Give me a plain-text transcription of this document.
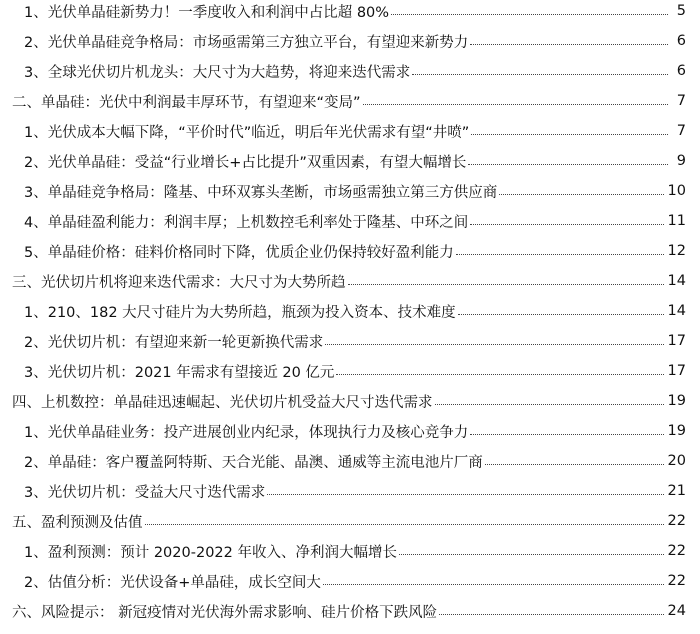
1、光伏单晶硅新势力！一季度收入和利润中占比超 80%	5
2、光伏单晶硅竞争格局：市场亟需第三方独立平台，有望迎来新势力	6
3、全球光伏切片机龙头：大尺寸为大趋势，将迎来迭代需求	6
二、单晶硅：光伏中利润最丰厚环节，有望迎来“变局”	7
1、光伏成本大幅下降，“平价时代”临近，明后年光伏需求有望“井喷”	7
2、光伏单晶硅：受益“行业增长+占比提升”双重因素，有望大幅增长	9
3、单晶硅竞争格局：隆基、中环双寡头垄断，市场亟需独立第三方供应商	10
4、单晶硅盈利能力：利润丰厚；上机数控毛利率处于隆基、中环之间	11
5、单晶硅价格：硅料价格同时下降，优质企业仍保持较好盈利能力	12
三、光伏切片机将迎来迭代需求：大尺寸为大势所趋	14
1、210、182 大尺寸硅片为大势所趋，瓶颈为投入资本、技术难度	14
2、光伏切片机：有望迎来新一轮更新换代需求	17
3、光伏切片机：2021 年需求有望接近 20 亿元	17
四、上机数控：单晶硅迅速崛起、光伏切片机受益大尺寸迭代需求	19
1、光伏单晶硅业务：投产进展创业内纪录，体现执行力及核心竞争力	19
2、单晶硅：客户覆盖阿特斯、天合光能、晶澳、通威等主流电池片厂商	20
3、光伏切片机：受益大尺寸迭代需求	21
五、盈利预测及估值	22
1、盈利预测：预计 2020-2022 年收入、净利润大幅增长	22
2、估值分析：光伏设备+单晶硅，成长空间大	22
六、风险提示： 新冠疫情对光伏海外需求影响、硅片价格下跌风险	24
